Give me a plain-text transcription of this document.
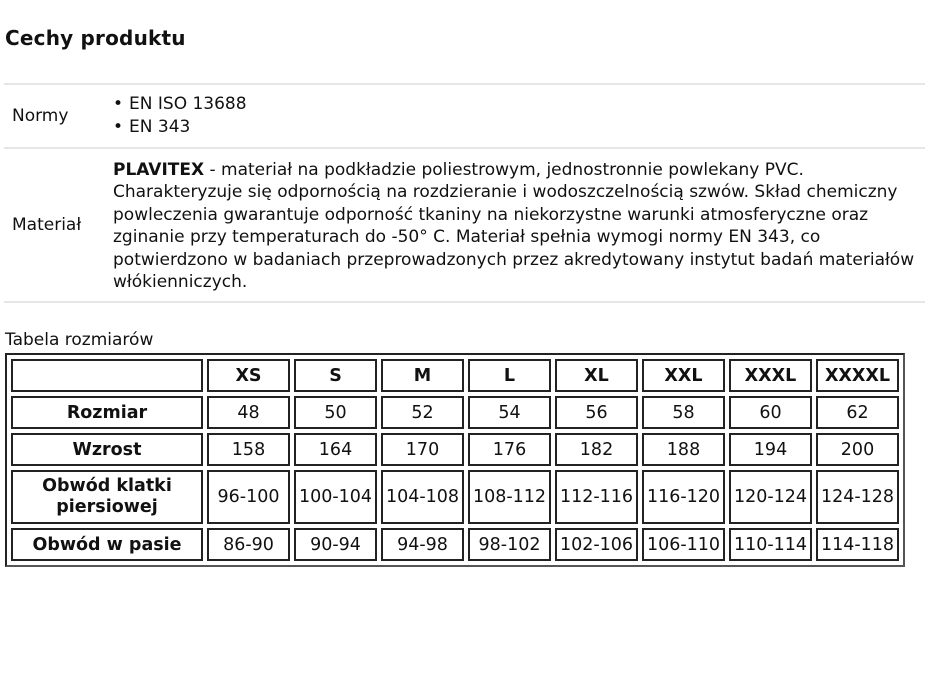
Cechy produktu
Normy	
• EN ISO 13688
• EN 343

Materiał	PLAVITEX - materiał na podkładzie poliestrowym, jednostronnie powlekany PVC. Charakteryzuje się odpornością na rozdzieranie i wodoszczelnością szwów. Skład chemiczny powleczenia gwarantuje odporność tkaniny na niekorzystne warunki atmosferyczne oraz zginanie przy temperaturach do -50° C. Materiał spełnia wymogi normy EN 343, co potwierdzono w badaniach przeprowadzonych przez akredytowany instytut badań materiałów włókienniczych.
Tabela rozmiarów
	XS	S	M	L	XL	XXL	XXXL	XXXXL
Rozmiar	48	50	52	54	56	58	60	62
Wzrost	158	164	170	176	182	188	194	200
Obwód klatki piersiowej	96-100	100-104	104-108	108-112	112-116	116-120	120-124	124-128
Obwód w pasie	86-90	90-94	94-98	98-102	102-106	106-110	110-114	114-118
